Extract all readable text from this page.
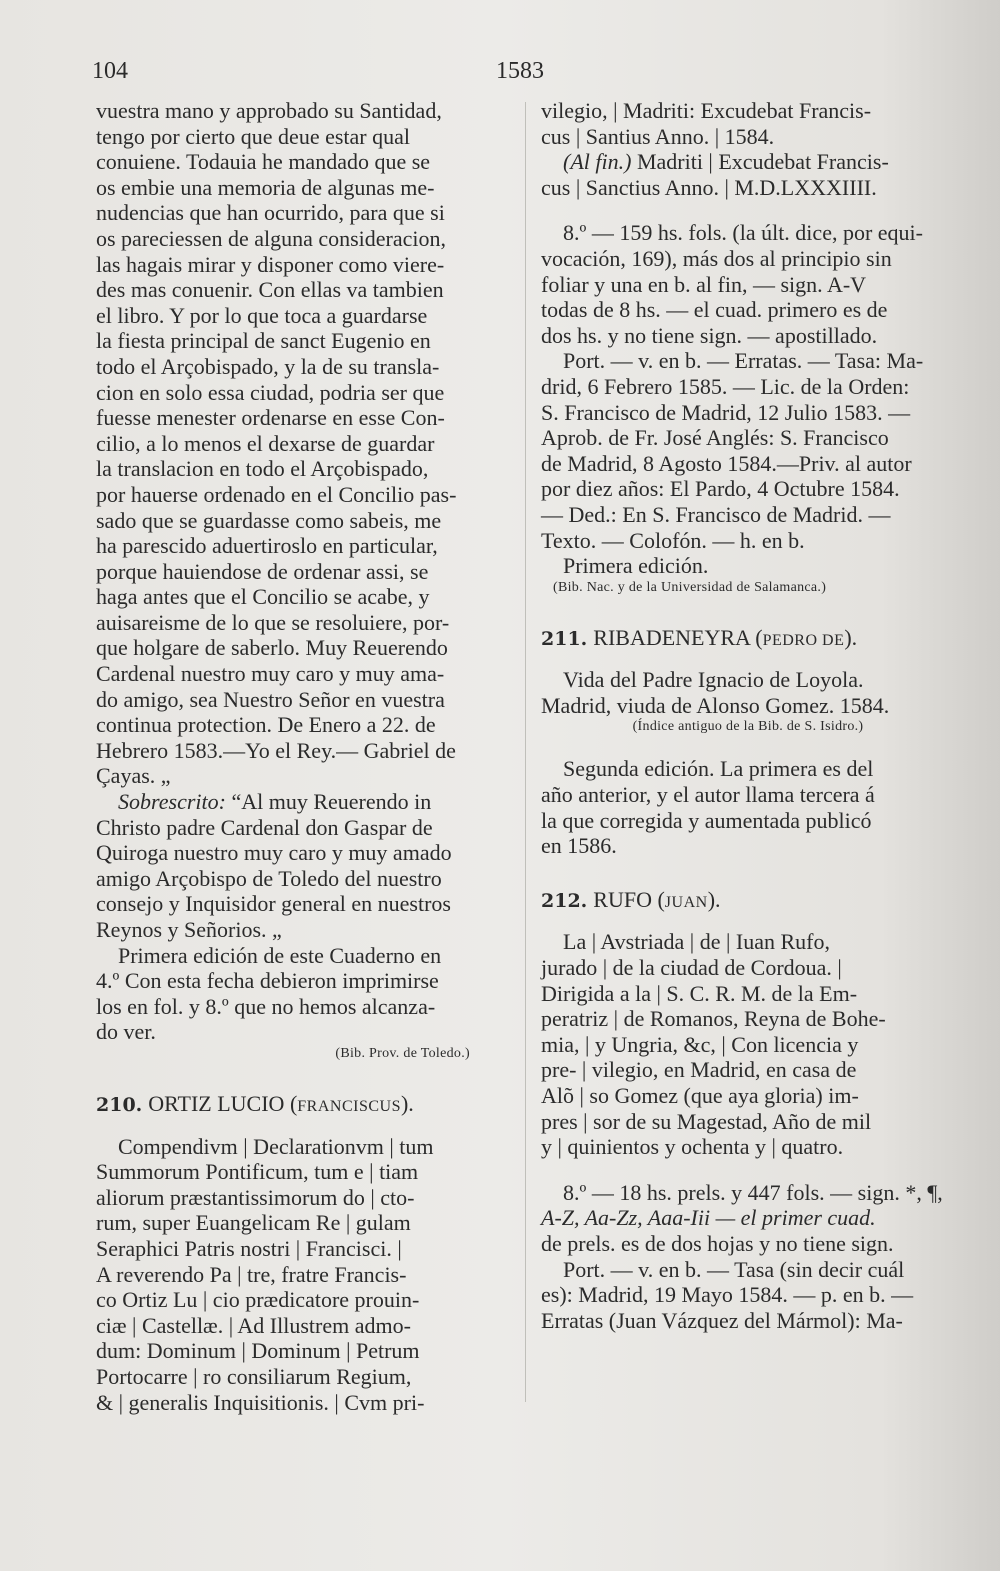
104	1583

vuestra mano y approbado su Santidad,

tengo por cierto que deue estar qual

conuiene. Todauia he mandado que se

os embie una memoria de algunas me-

nudencias que han ocurrido, para que si

os pareciessen de alguna consideracion,

las hagais mirar y disponer como viere-

des mas conuenir. Con ellas va tambien

el libro. Y por lo que toca a guardarse

la fiesta principal de sanct Eugenio en

todo el Arçobispado, y la de su transla-

cion en solo essa ciudad, podria ser que

fuesse menester ordenarse en esse Con-

cilio, a lo menos el dexarse de guardar

la translacion en todo el Arçobispado,

por hauerse ordenado en el Concilio pas-

sado que se guardasse como sabeis, me

ha parescido aduertiroslo en particular,

porque hauiendose de ordenar assi, se

haga antes que el Concilio se acabe, y

auisareisme de lo que se resoluiere, por-

que holgare de saberlo. Muy Reuerendo

Cardenal nuestro muy caro y muy ama-

do amigo, sea Nuestro Señor en vuestra

continua protection. De Enero a 22. de

Hebrero 1583.—Yo el Rey.— Gabriel de

Çayas. „

Sobrescrito: “Al muy Reuerendo in

Christo padre Cardenal don Gaspar de

Quiroga nuestro muy caro y muy amado

amigo Arçobispo de Toledo del nuestro

consejo y Inquisidor general en nuestros

Reynos y Señorios. „

Primera edición de este Cuaderno en

4.º Con esta fecha debieron imprimirse

los en fol. y 8.º que no hemos alcanza-

do ver.

(Bib. Prov. de Toledo.)

210. ORTIZ LUCIO (FRANCISCUS).

Compendivm | Declarationvm | tum

Summorum Pontificum, tum e | tiam

aliorum præstantissimorum do | cto-

rum, super Euangelicam Re | gulam

Seraphici Patris nostri | Francisci. |

A reverendo Pa | tre, fratre Francis-

co Ortiz Lu | cio prædicatore prouin-

ciæ | Castellæ. | Ad Illustrem admo-

dum: Dominum | Dominum | Petrum

Portocarre | ro consiliarum Regium,

& | generalis Inquisitionis. | Cvm pri-

vilegio, | Madriti: Excudebat Francis-

cus | Santius Anno. | 1584.

(Al fin.) Madriti | Excudebat Francis-

cus | Sanctius Anno. | M.D.LXXXIIII.

8.º — 159 hs. fols. (la últ. dice, por equi-

vocación, 169), más dos al principio sin

foliar y una en b. al fin, — sign. A-V

todas de 8 hs. — el cuad. primero es de

dos hs. y no tiene sign. — apostillado.

Port. — v. en b. — Erratas. — Tasa: Ma-

drid, 6 Febrero 1585. — Lic. de la Orden:

S. Francisco de Madrid, 12 Julio 1583. —

Aprob. de Fr. José Anglés: S. Francisco

de Madrid, 8 Agosto 1584.—Priv. al autor

por diez años: El Pardo, 4 Octubre 1584.

— Ded.: En S. Francisco de Madrid. —

Texto. — Colofón. — h. en b.

Primera edición.

(Bib. Nac. y de la Universidad de Salamanca.)

211. RIBADENEYRA (PEDRO DE).

Vida del Padre Ignacio de Loyola.

Madrid, viuda de Alonso Gomez. 1584.

(Índice antiguo de la Bib. de S. Isidro.)

Segunda edición. La primera es del

año anterior, y el autor llama tercera á

la que corregida y aumentada publicó

en 1586.

212. RUFO (JUAN).

La | Avstriada | de | Iuan Rufo,

jurado | de la ciudad de Cordoua. |

Dirigida a la | S. C. R. M. de la Em-

peratriz | de Romanos, Reyna de Bohe-

mia, | y Ungria, &c, | Con licencia y

pre- | vilegio, en Madrid, en casa de

Alõ | so Gomez (que aya gloria) im-

pres | sor de su Magestad, Año de mil

y | quinientos y ochenta y | quatro.

8.º — 18 hs. prels. y 447 fols. — sign. *, ¶,

A-Z, Aa-Zz, Aaa-Iii — el primer cuad.

de prels. es de dos hojas y no tiene sign.

Port. — v. en b. — Tasa (sin decir cuál

es): Madrid, 19 Mayo 1584. — p. en b. —

Erratas (Juan Vázquez del Mármol): Ma-
